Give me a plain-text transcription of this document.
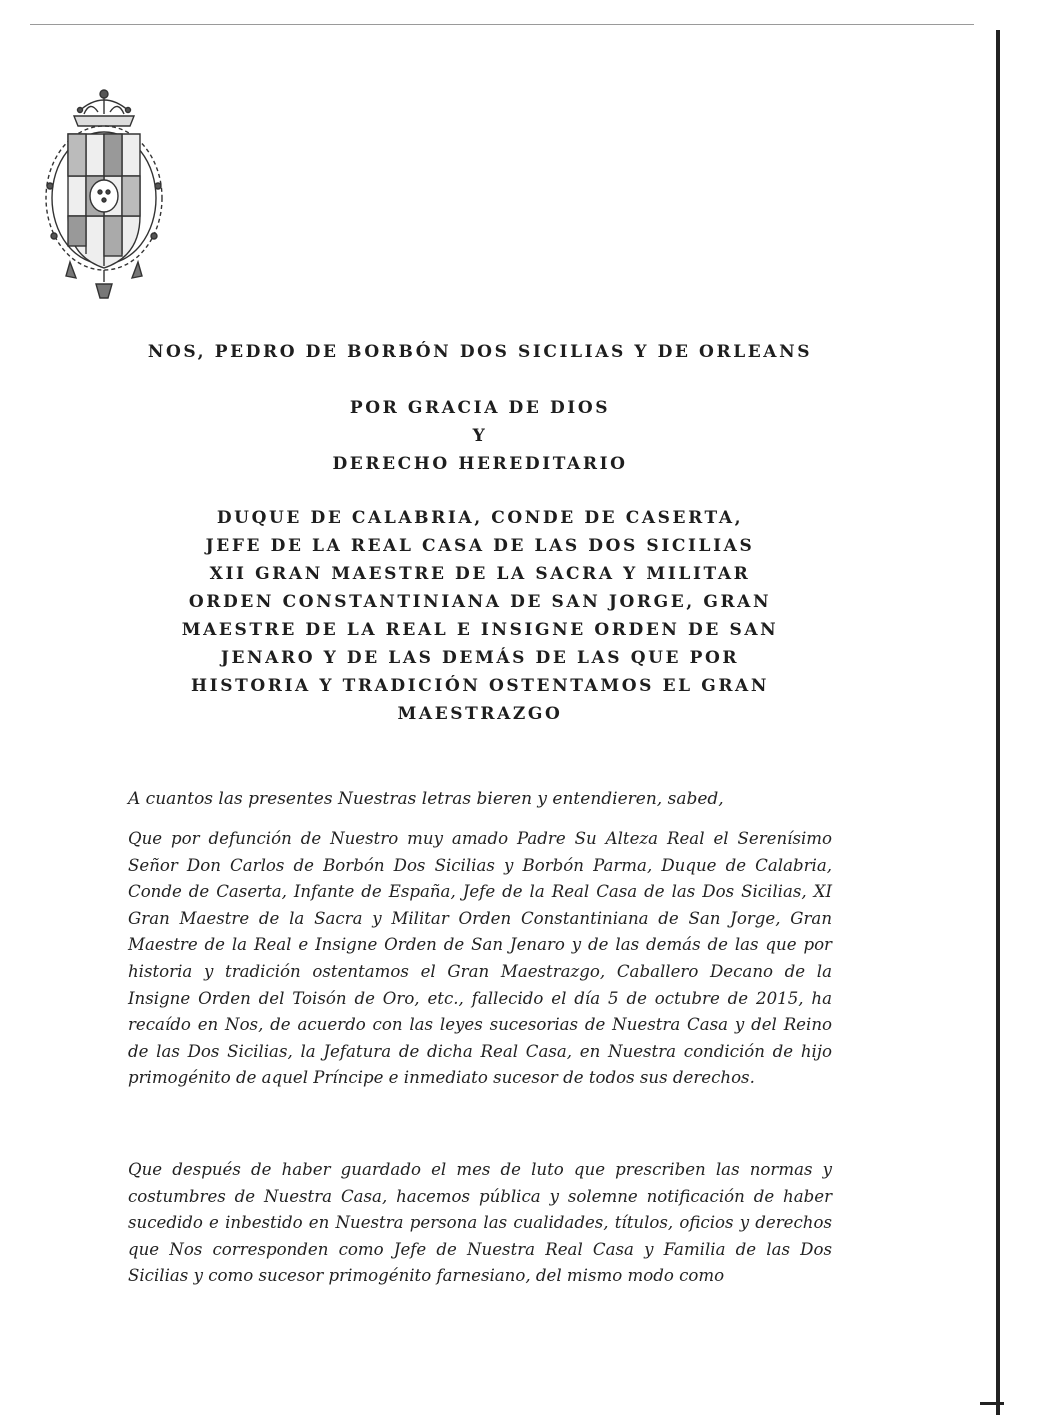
NOS, PEDRO DE BORBÓN DOS SICILIAS Y DE ORLEANS

POR GRACIA DE DIOS

Y

DERECHO HEREDITARIO

DUQUE DE CALABRIA, CONDE DE CASERTA,

JEFE DE LA REAL CASA DE LAS DOS SICILIAS

XII GRAN MAESTRE DE LA SACRA Y MILITAR

ORDEN CONSTANTINIANA DE SAN JORGE, GRAN

MAESTRE DE LA REAL E INSIGNE ORDEN DE SAN

JENARO Y DE LAS DEMÁS DE LAS QUE POR

HISTORIA Y TRADICIÓN OSTENTAMOS EL GRAN

MAESTRAZGO

A cuantos las presentes Nuestras letras bieren y entendieren, sabed,

Que por defunción de Nuestro muy amado Padre Su Alteza Real el Serenísimo Señor Don Carlos de Borbón Dos Sicilias y Borbón Parma, Duque de Calabria, Conde de Caserta, Infante de España, Jefe de la Real Casa de las Dos Sicilias, XI Gran Maestre de la Sacra y Militar Orden Constantiniana de San Jorge, Gran Maestre de la Real e Insigne Orden de San Jenaro y de las demás de las que por historia y tradición ostentamos el Gran Maestrazgo, Caballero Decano de la Insigne Orden del Toisón de Oro, etc., fallecido el día 5 de octubre de 2015, ha recaído en Nos, de acuerdo con las leyes sucesorias de Nuestra Casa y del Reino de las Dos Sicilias, la Jefatura de dicha Real Casa, en Nuestra condición de hijo primogénito de aquel Príncipe e inmediato sucesor de todos sus derechos.

Que después de haber guardado el mes de luto que prescriben las normas y costumbres de Nuestra Casa, hacemos pública y solemne notificación de haber sucedido e inbestido en Nuestra persona las cualidades, títulos, oficios y derechos que Nos corresponden como Jefe de Nuestra Real Casa y Familia de las Dos Sicilias y como sucesor primogénito farnesiano, del mismo modo como
